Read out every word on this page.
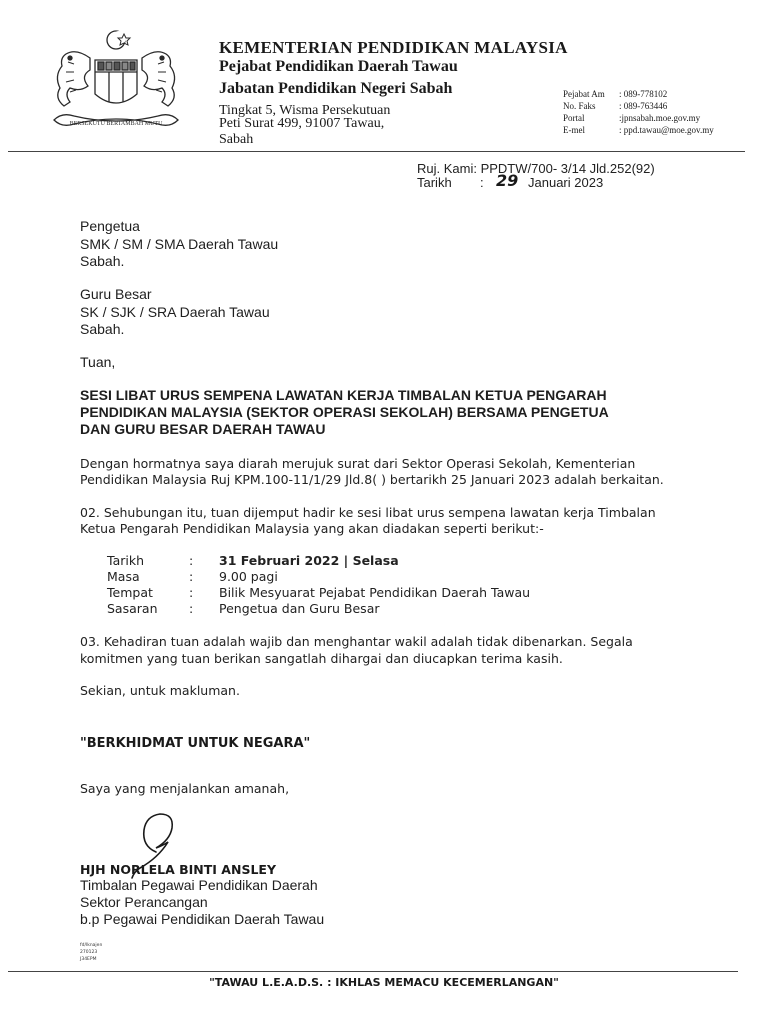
BERSEKUTU BERTAMBAH MUTU
KEMENTERIAN PENDIDIKAN MALAYSIA
Pejabat Pendidikan Daerah Tawau
Jabatan Pendidikan Negeri Sabah
Tingkat 5, Wisma Persekutuan
Peti Surat 499, 91007 Tawau,
Sabah
Pejabat Am : 089-778102
No. Faks	: 089-763446
Portal	:jpnsabah.moe.gov.my
E-mel	: ppd.tawau@moe.gov.my
Ruj. Kami: PPDTW/700- 3/14 Jld.252(92)
Tarikh : 29 Januari 2023
Pengetua
SMK / SM / SMA Daerah Tawau
Sabah.
Guru Besar
SK / SJK / SRA Daerah Tawau
Sabah.
Tuan,
SESI LIBAT URUS SEMPENA LAWATAN KERJA TIMBALAN KETUA PENGARAH
PENDIDIKAN MALAYSIA (SEKTOR OPERASI SEKOLAH) BERSAMA PENGETUA
DAN GURU BESAR DAERAH TAWAU
Dengan hormatnya saya diarah merujuk surat dari Sektor Operasi Sekolah, Kementerian
Pendidikan Malaysia Ruj KPM.100-11/1/29 Jld.8( ) bertarikh 25 Januari 2023 adalah berkaitan.
02. Sehubungan itu, tuan dijemput hadir ke sesi libat urus sempena lawatan kerja Timbalan
Ketua Pengarah Pendidikan Malaysia yang akan diadakan seperti berikut:-
Tarikh	: 31 Februari 2022 | Selasa
Masa	: 9.00 pagi
Tempat	: Bilik Mesyuarat Pejabat Pendidikan Daerah Tawau
Sasaran	: Pengetua dan Guru Besar
03. Kehadiran tuan adalah wajib dan menghantar wakil adalah tidak dibenarkan. Segala
komitmen yang tuan berikan sangatlah dihargai dan diucapkan terima kasih.
Sekian, untuk makluman.
"BERKHIDMAT UNTUK NEGARA"
Saya yang menjalankan amanah,
HJH NORLELA BINTI ANSLEY
Timbalan Pegawai Pendidikan Daerah
Sektor Perancangan
b.p Pegawai Pendidikan Daerah Tawau
fd/lknajen
270123
J34EPM
"TAWAU L.E.A.D.S. : IKHLAS MEMACU KECEMERLANGAN"
